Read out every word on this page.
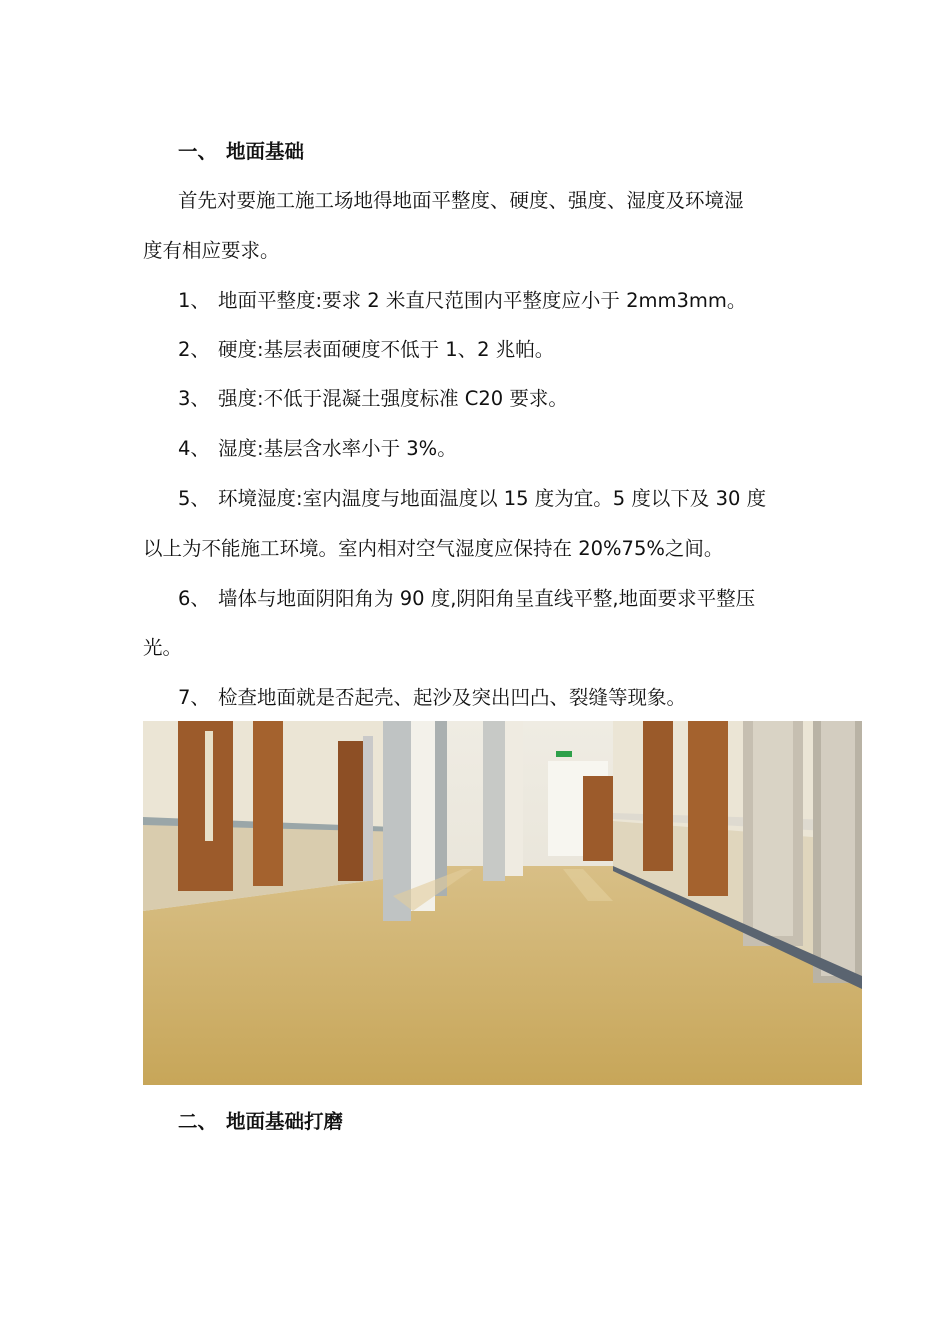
一、 地面基础
首先对要施工施工场地得地面平整度、硬度、强度、湿度及环境湿
度有相应要求。
1、 地面平整度:要求 2 米直尺范围内平整度应小于 2mm3mm。
2、 硬度:基层表面硬度不低于 1、2 兆帕。
3、 强度:不低于混凝土强度标准 C20 要求。
4、 湿度:基层含水率小于 3%。
5、 环境湿度:室内温度与地面温度以 15 度为宜。5 度以下及 30 度
以上为不能施工环境。室内相对空气湿度应保持在 20%75%之间。
6、 墙体与地面阴阳角为 90 度,阴阳角呈直线平整,地面要求平整压
光。
7、 检查地面就是否起壳、起沙及突出凹凸、裂缝等现象。
二、 地面基础打磨
